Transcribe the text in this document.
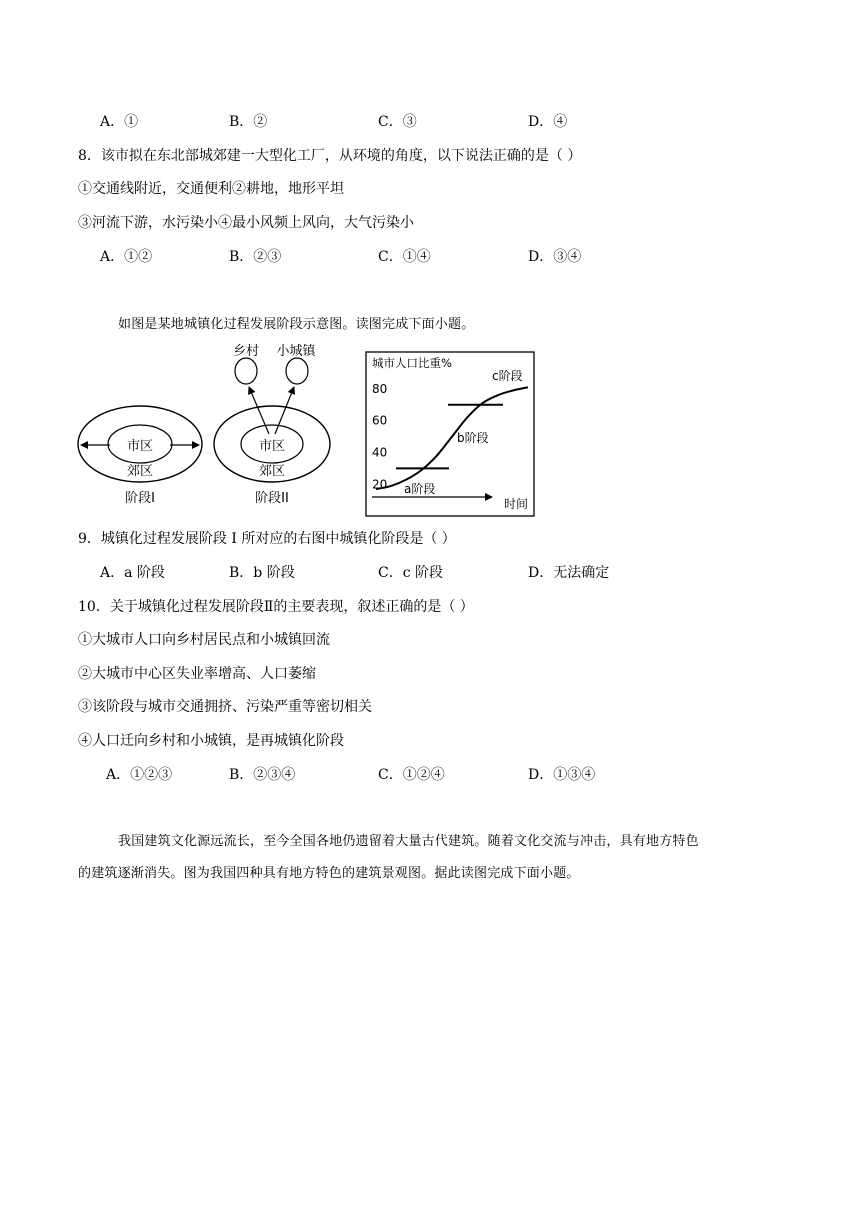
A．①	B．②	C．③	D．④
8．该市拟在东北部城郊建一大型化工厂，从环境的角度，以下说法正确的是（ ）
①交通线附近，交通便利②耕地，地形平坦
③河流下游，水污染小④最小风频上风向，大气污染小
A．①②	B．②③	C．①④	D．③④
如图是某地城镇化过程发展阶段示意图。读图完成下面小题。
市区
郊区
阶段I
乡村 小城镇
市区
郊区
阶段II
城市人口比重%
时间
80
60
40
20 a阶段
b阶段
c阶段
9．城镇化过程发展阶段 I 所对应的右图中城镇化阶段是（ ）
A．a 阶段	B．b 阶段	C．c 阶段	D．无法确定
10．关于城镇化过程发展阶段Ⅱ的主要表现，叙述正确的是（ ）
①大城市人口向乡村居民点和小城镇回流
②大城市中心区失业率增高、人口萎缩
③该阶段与城市交通拥挤、污染严重等密切相关
④人口迁向乡村和小城镇，是再城镇化阶段
A．①②③	B．②③④	C．①②④	D．①③④
我国建筑文化源远流长，至今全国各地仍遗留着大量古代建筑。随着文化交流与冲击，具有地方特色
的建筑逐渐消失。图为我国四种具有地方特色的建筑景观图。据此读图完成下面小题。
